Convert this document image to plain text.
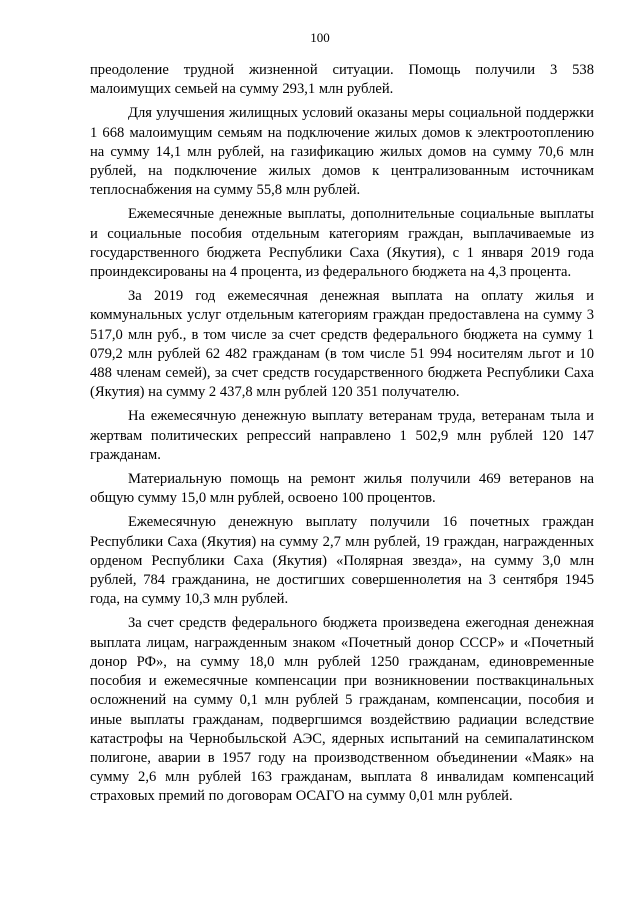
100

преодоление трудной жизненной ситуации. Помощь получили 3 538 малоимущих семьей на сумму 293,1 млн рублей.

Для улучшения жилищных условий оказаны меры социальной поддержки 1 668 малоимущим семьям на подключение жилых домов к электроотоплению на сумму 14,1 млн рублей, на газификацию жилых домов на сумму 70,6 млн рублей, на подключение жилых домов к централизованным источникам теплоснабжения на сумму 55,8 млн рублей.

Ежемесячные денежные выплаты, дополнительные социальные выплаты и социальные пособия отдельным категориям граждан, выплачиваемые из государственного бюджета Республики Саха (Якутия), с 1 января 2019 года проиндексированы на 4 процента, из федерального бюджета на 4,3 процента.

За 2019 год ежемесячная денежная выплата на оплату жилья и коммунальных услуг отдельным категориям граждан предоставлена на сумму 3 517,0 млн руб., в том числе за счет средств федерального бюджета на сумму 1 079,2 млн рублей 62 482 гражданам (в том числе 51 994 носителям льгот и 10 488 членам семей), за счет средств государственного бюджета Республики Саха (Якутия) на сумму 2 437,8 млн рублей 120 351 получателю.

На ежемесячную денежную выплату ветеранам труда, ветеранам тыла и жертвам политических репрессий направлено 1 502,9 млн рублей 120 147 гражданам.

Материальную помощь на ремонт жилья получили 469 ветеранов на общую сумму 15,0 млн рублей, освоено 100 процентов.

Ежемесячную денежную выплату получили 16 почетных граждан Республики Саха (Якутия) на сумму 2,7 млн рублей, 19 граждан, награжденных орденом Республики Саха (Якутия) «Полярная звезда», на сумму 3,0 млн рублей, 784 гражданина, не достигших совершеннолетия на 3 сентября 1945 года, на сумму 10,3 млн рублей.

За счет средств федерального бюджета произведена ежегодная денежная выплата лицам, награжденным знаком «Почетный донор СССР» и «Почетный донор РФ», на сумму 18,0 млн рублей 1250 гражданам, единовременные пособия и ежемесячные компенсации при возникновении поствакцинальных осложнений на сумму 0,1 млн рублей 5 гражданам, компенсации, пособия и иные выплаты гражданам, подвергшимся воздействию радиации вследствие катастрофы на Чернобыльской АЭС, ядерных испытаний на семипалатинском полигоне, аварии в 1957 году на производственном объединении «Маяк» на сумму 2,6 млн рублей 163 гражданам, выплата 8 инвалидам компенсаций страховых премий по договорам ОСАГО на сумму 0,01 млн рублей.
